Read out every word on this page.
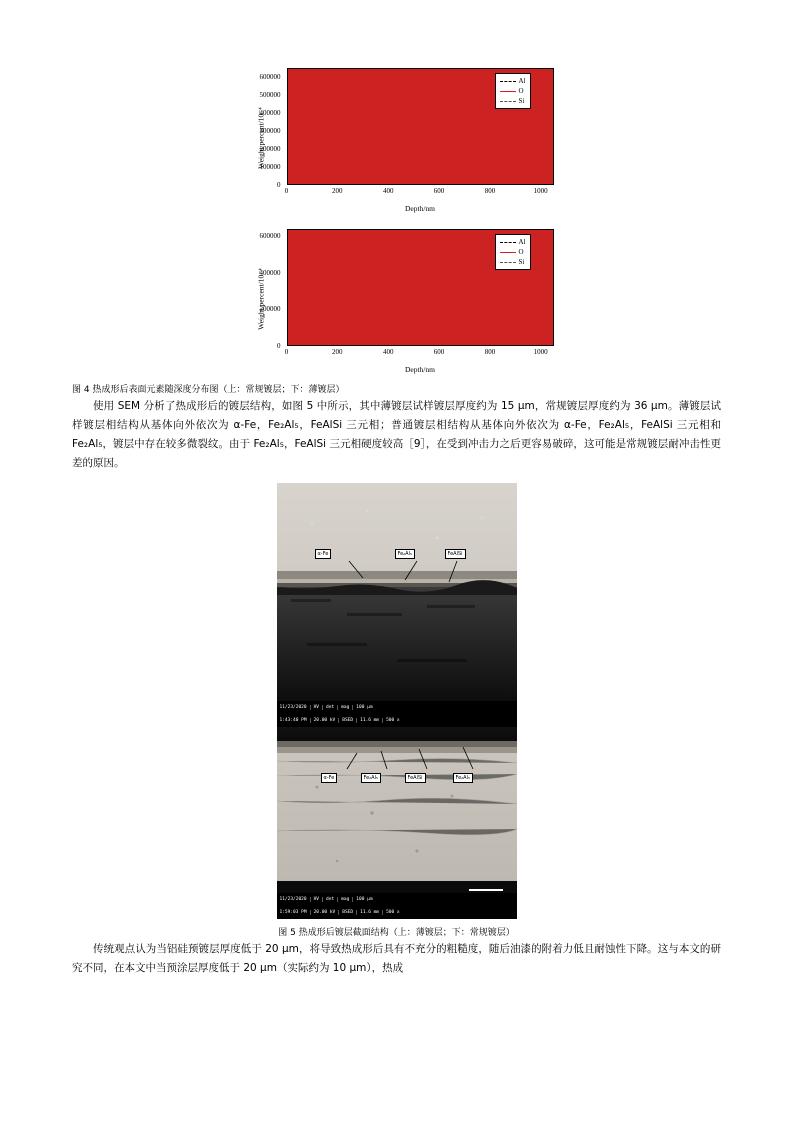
Weight percent/10⁻⁴
0
100000
200000
300000
400000
500000
600000	Al
O
Si
0	200	400	600	800	1000
Depth/nm
Weight percent/10⁻⁴
0
200000
400000
600000
Al
O
Si
0	200	400	600	800	1000
Depth/nm
图 4 热成形后表面元素随深度分布图（上：常规镀层；下：薄镀层）

使用 SEM 分析了热成形后的镀层结构，如图 5 中所示，其中薄镀层试样镀层厚度约为 15 μm，常规镀层厚度约为 36 μm。薄镀层试样镀层相结构从基体向外依次为 α-Fe，Fe₂Al₅，FeAlSi 三元相；普通镀层相结构从基体向外依次为 α-Fe，Fe₂Al₅，FeAlSi 三元相和 Fe₂Al₅，镀层中存在较多微裂纹。由于 Fe₂Al₅，FeAlSi 三元相硬度较高［9］，在受到冲击力之后更容易破碎，这可能是常规镀层耐冲击性更差的原因。

α-Fe	Fe₂Al₅	FeAlSi
α-Fe	Fe₂Al₅	FeAlSi	Fe₂Al₅
11/23/2020	HV	det	mag	100 µm
1:43:40 PM	20.00 kV	BSED	11.6 mm	500 x
11/23/2020	HV	det	mag	100 µm
1:59:03 PM	20.00 kV	BSED	11.6 mm	500 x
图 5 热成形后镀层截面结构（上：薄镀层；下：常规镀层）

传统观点认为当铝硅预镀层厚度低于 20 μm，将导致热成形后具有不充分的粗糙度，随后油漆的附着力低且耐蚀性下降。这与本文的研究不同，在本文中当预涂层厚度低于 20 μm（实际约为 10 μm），热成
